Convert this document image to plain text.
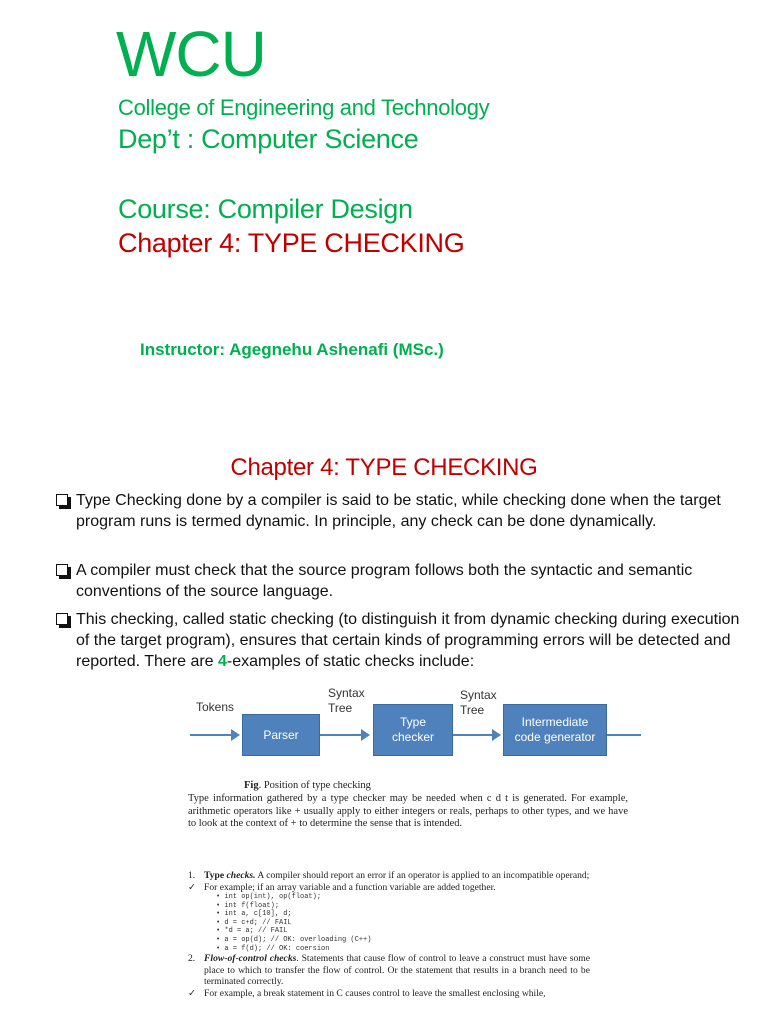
WCU
College of Engineering and Technology
Dep’t : Computer Science
Course: Compiler Design
Chapter 4: TYPE CHECKING
Instructor: Agegnehu Ashenafi (MSc.)
Chapter 4: TYPE CHECKING
Type Checking done by a compiler is said to be static, while checking done when the target program runs is termed dynamic. In principle, any check can be done dynamically.
A compiler must check that the source program follows both the syntactic and semantic conventions of the source language.
This checking, called static checking (to distinguish it from dynamic checking during execution of the target program), ensures that certain kinds of programming errors will be detected and reported. There are 4-examples of static checks include:
Tokens
Syntax Tree
Syntax Tree
Parser
Type checker
Intermediate code generator
Fig. Position of type checking
Type information gathered by a type checker may be needed when c d t is generated. For example, arithmetic operators like + usually apply to either integers or reals, perhaps to other types, and we have to look at the context of + to determine the sense that is intended.
1. Type checks. A compiler should report an error if an operator is applied to an incompatible operand;
✓ For example; if an array variable and a function variable are added together.
• int op(int), op(float);
• int f(float);
• int a, c[10], d;
• d = c+d; // FAIL
• *d = a; // FAIL
• a = op(d); // OK: overloading (C++)
• a = f(d); // OK: coersion
2. Flow-of-control checks. Statements that cause flow of control to leave a construct must have some place to which to transfer the flow of control. Or the statement that results in a branch need to be terminated correctly.
✓ For example, a break statement in C causes control to leave the smallest enclosing while,
